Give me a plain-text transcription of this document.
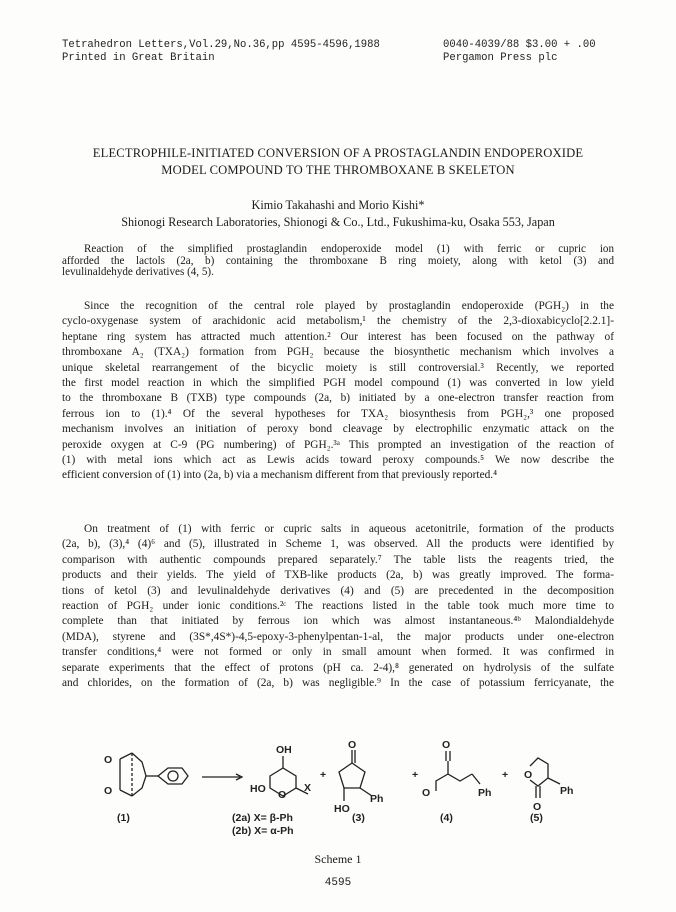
Tetrahedron Letters,Vol.29,No.36,pp 4595-4596,1988
Printed in Great Britain
0040-4039/88 $3.00 + .00
Pergamon Press plc
ELECTROPHILE-INITIATED CONVERSION OF A PROSTAGLANDIN ENDOPEROXIDE
MODEL COMPOUND TO THE THROMBOXANE B SKELETON
Kimio Takahashi and Morio Kishi*
Shionogi Research Laboratories, Shionogi & Co., Ltd., Fukushima-ku, Osaka 553, Japan
Reaction of the simplified prostaglandin endoperoxide model (1) with ferric or cupric ion
afforded the lactols (2a, b) containing the thromboxane B ring moiety, along with ketol (3) and
levulinaldehyde derivatives (4, 5).
Since the recognition of the central role played by prostaglandin endoperoxide (PGH₂) in the
cyclo-oxygenase system of arachidonic acid metabolism,¹ the chemistry of the 2,3-dioxabicyclo[2.2.1]-
heptane ring system has attracted much attention.² Our interest has been focused on the pathway of
thromboxane A₂ (TXA₂) formation from PGH₂ because the biosynthetic mechanism which involves a
unique skeletal rearrangement of the bicyclic moiety is still controversial.³ Recently, we reported
the first model reaction in which the simplified PGH model compound (1) was converted in low yield
to the thromboxane B (TXB) type compounds (2a, b) initiated by a one-electron transfer reaction from
ferrous ion to (1).⁴ Of the several hypotheses for TXA₂ biosynthesis from PGH₂,³ one proposed
mechanism involves an initiation of peroxy bond cleavage by electrophilic enzymatic attack on the
peroxide oxygen at C-9 (PG numbering) of PGH₂.³ᵃ This prompted an investigation of the reaction of
(1) with metal ions which act as Lewis acids toward peroxy compounds.⁵ We now describe the
efficient conversion of (1) into (2a, b) via a mechanism different from that previously reported.⁴
On treatment of (1) with ferric or cupric salts in aqueous acetonitrile, formation of the products
(2a, b), (3),⁴ (4)⁶ and (5), illustrated in Scheme 1, was observed. All the products were identified by
comparison with authentic compounds prepared separately.⁷ The table lists the reagents tried, the
products and their yields. The yield of TXB-like products (2a, b) was greatly improved. The forma-
tions of ketol (3) and levulinaldehyde derivatives (4) and (5) are precedented in the decomposition
reaction of PGH₂ under ionic conditions.²ᶜ The reactions listed in the table took much more time to
complete than that initiated by ferrous ion which was almost instantaneous.⁴ᵇ Malondialdehyde
(MDA), styrene and (3S*,4S*)-4,5-epoxy-3-phenylpentan-1-al, the major products under one-electron
transfer conditions,⁴ were not formed or only in small amount when formed. It was confirmed in
separate experiments that the effect of protons (pH ca. 2-4),⁸ generated on hydrolysis of the sulfate
and chlorides, on the formation of (2a, b) was negligible.⁹ In the case of potassium ferricyanate, the
O
O
OH
HO O
X
O
Ph
HO
O
O	Ph
O
Ph
O
+	+	+
(1)	(2a) X= β-Ph
(2b) X= α-Ph
(3)	(4)	(5)
Scheme 1
4595
